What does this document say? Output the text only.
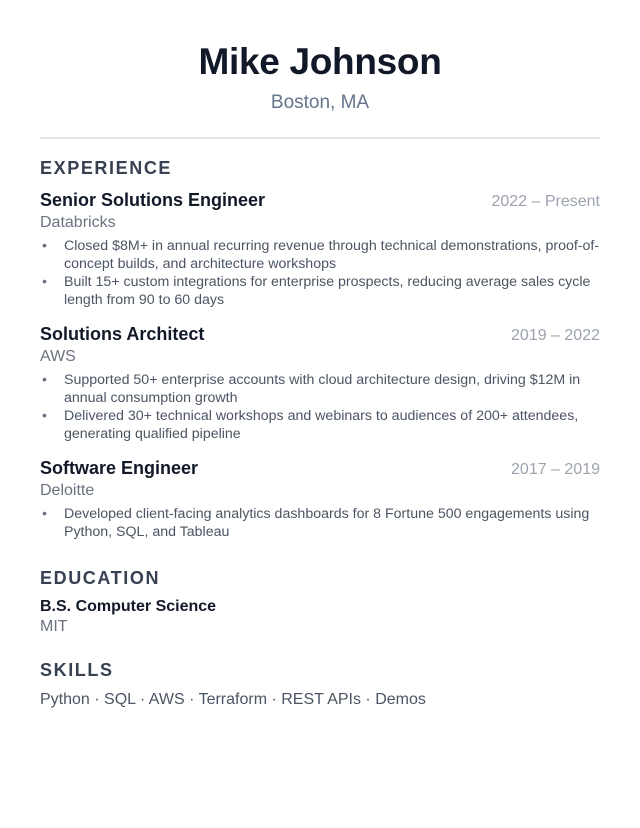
Mike Johnson
Boston, MA
EXPERIENCE
Senior Solutions Engineer	2022 – Present
Databricks
• Closed $8M+ in annual recurring revenue through technical demonstrations, proof-of-concept builds, and architecture workshops
• Built 15+ custom integrations for enterprise prospects, reducing average sales cycle length from 90 to 60 days
Solutions Architect	2019 – 2022
AWS
• Supported 50+ enterprise accounts with cloud architecture design, driving $12M in annual consumption growth
• Delivered 30+ technical workshops and webinars to audiences of 200+ attendees, generating qualified pipeline
Software Engineer	2017 – 2019
Deloitte
• Developed client-facing analytics dashboards for 8 Fortune 500 engagements using Python, SQL, and Tableau
EDUCATION
B.S. Computer Science
MIT
SKILLS
Python · SQL · AWS · Terraform · REST APIs · Demos
